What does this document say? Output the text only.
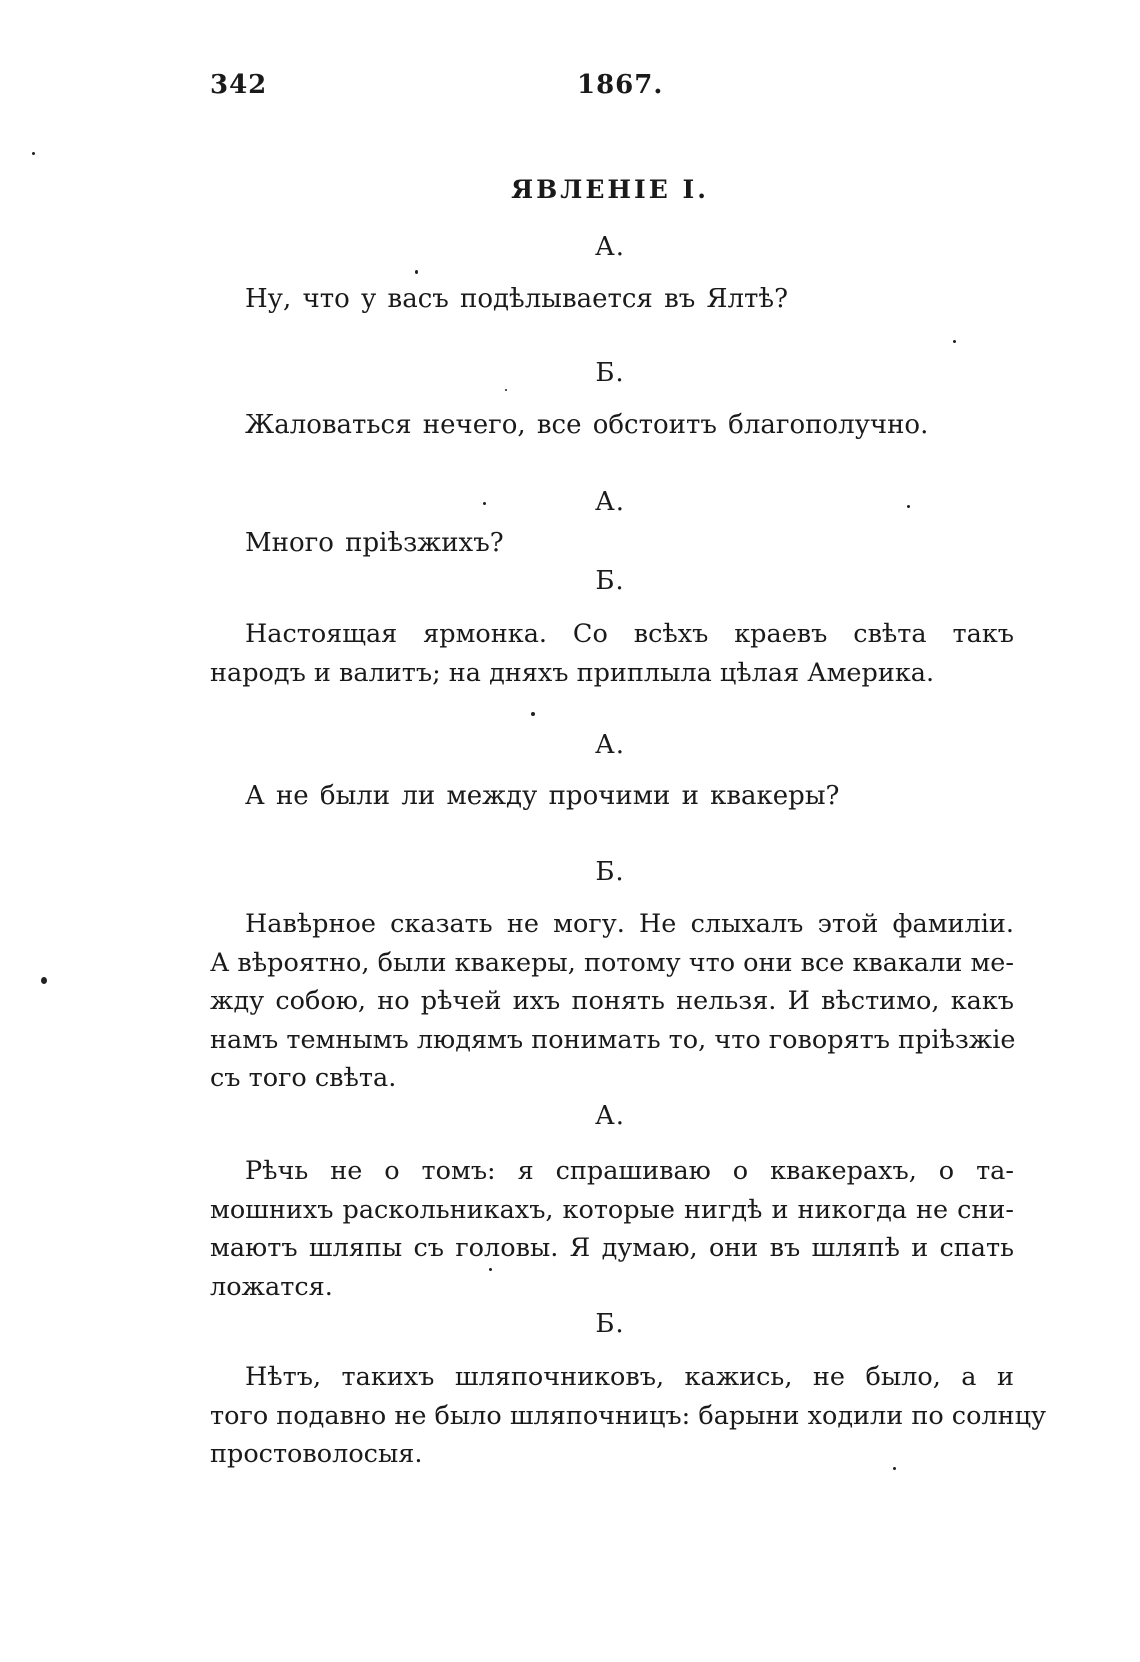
342	1867.
ЯВЛЕНІЕ І.
А.
Ну, что у васъ подѣлывается въ Ялтѣ?
Б.
Жаловаться нечего, все обстоитъ благополучно.
А.
Много пріѣзжихъ?
Б.
Настоящая ярмонка. Со всѣхъ краевъ свѣта такъ
народъ и валитъ; на дняхъ приплыла цѣлая Америка.
А.
А не были ли между прочими и квакеры?
Б.
Навѣрное сказать не могу. Не слыхалъ этой фамиліи.
А вѣроятно, были квакеры, потому что они все квакали ме-
жду собою, но рѣчей ихъ понять нельзя. И вѣстимо, какъ
намъ темнымъ людямъ понимать то, что говорятъ пріѣзжіе
съ того свѣта.
А.
Рѣчь не о томъ: я спрашиваю о квакерахъ, о та-
мошнихъ раскольникахъ, которые нигдѣ и никогда не сни-
маютъ шляпы съ головы. Я думаю, они въ шляпѣ и спать
ложатся.
Б.
Нѣтъ, такихъ шляпочниковъ, кажись, не было, а и
того подавно не было шляпочницъ: барыни ходили по солнцу
простоволосыя.
